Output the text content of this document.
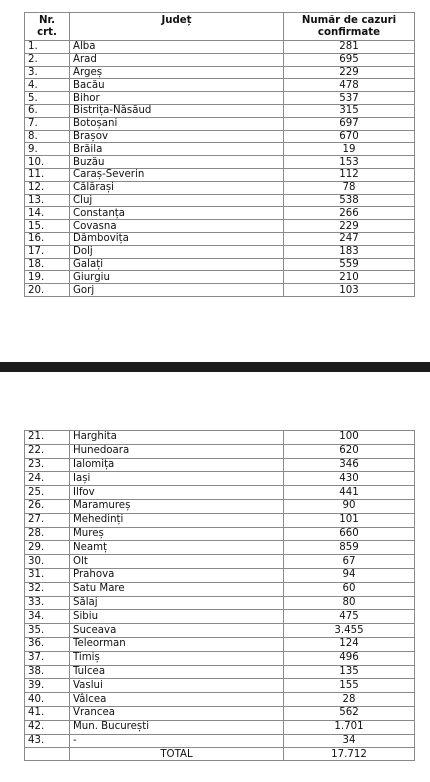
Nr.
crt.	Județ	Număr de cazuri
confirmate
1.	Alba	281
2.	Arad	695
3.	Argeș	229
4.	Bacău	478
5.	Bihor	537
6.	Bistrița-Năsăud	315
7.	Botoșani	697
8.	Brașov	670
9.	Brăila	19
10.	Buzău	153
11.	Caraș-Severin	112
12.	Călărași	78
13.	Cluj	538
14.	Constanța	266
15.	Covasna	229
16.	Dâmbovița	247
17.	Dolj	183
18.	Galați	559
19.	Giurgiu	210
20.	Gorj	103
21.	Harghita	100
22.	Hunedoara	620
23.	Ialomița	346
24.	Iași	430
25.	Ilfov	441
26.	Maramureș	90
27.	Mehedinți	101
28.	Mureș	660
29.	Neamț	859
30.	Olt	67
31.	Prahova	94
32.	Satu Mare	60
33.	Sălaj	80
34.	Sibiu	475
35.	Suceava	3.455
36.	Teleorman	124
37.	Timiș	496
38.	Tulcea	135
39.	Vaslui	155
40.	Vâlcea	28
41.	Vrancea	562
42.	Mun. București	1.701
43.	-	34
	TOTAL	17.712
